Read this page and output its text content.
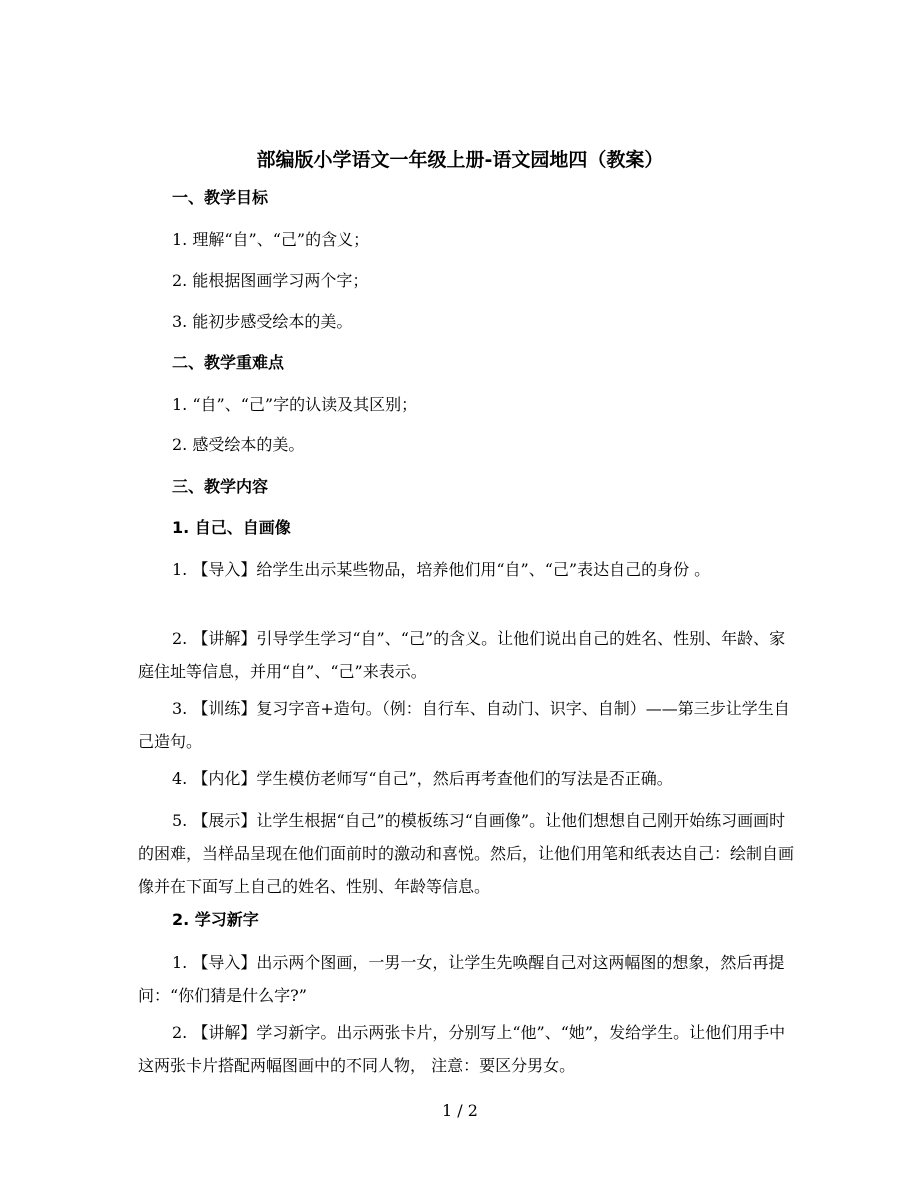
部编版小学语文一年级上册-语文园地四（教案）
一、教学目标
1. 理解“自”、“己”的含义；
2. 能根据图画学习两个字；
3. 能初步感受绘本的美。
二、教学重难点
1. “自”、“己”字的认读及其区别；
2. 感受绘本的美。
三、教学内容
1. 自己、自画像
1. 【导入】给学生出示某些物品，培养他们用“自”、“己”表达自己的身份 。
2. 【讲解】引导学生学习“自”、“己”的含义。让他们说出自己的姓名、性别、年龄、家庭住址等信息，并用“自”、“己”来表示。
3. 【训练】复习字音+造句。（例：自行车、自动门、识字、自制）——第三步让学生自己造句。
4. 【内化】学生模仿老师写“自己”，然后再考查他们的写法是否正确。
5. 【展示】让学生根据“自己”的模板练习“自画像”。让他们想想自己刚开始练习画画时的困难，当样品呈现在他们面前时的激动和喜悦。然后，让他们用笔和纸表达自己：绘制自画像并在下面写上自己的姓名、性别、年龄等信息。
2. 学习新字
1. 【导入】出示两个图画，一男一女，让学生先唤醒自己对这两幅图的想象，然后再提问：“你们猜是什么字?”
2. 【讲解】学习新字。出示两张卡片，分别写上“他”、“她”，发给学生。让他们用手中这两张卡片搭配两幅图画中的不同人物， 注意：要区分男女。
1 / 2
